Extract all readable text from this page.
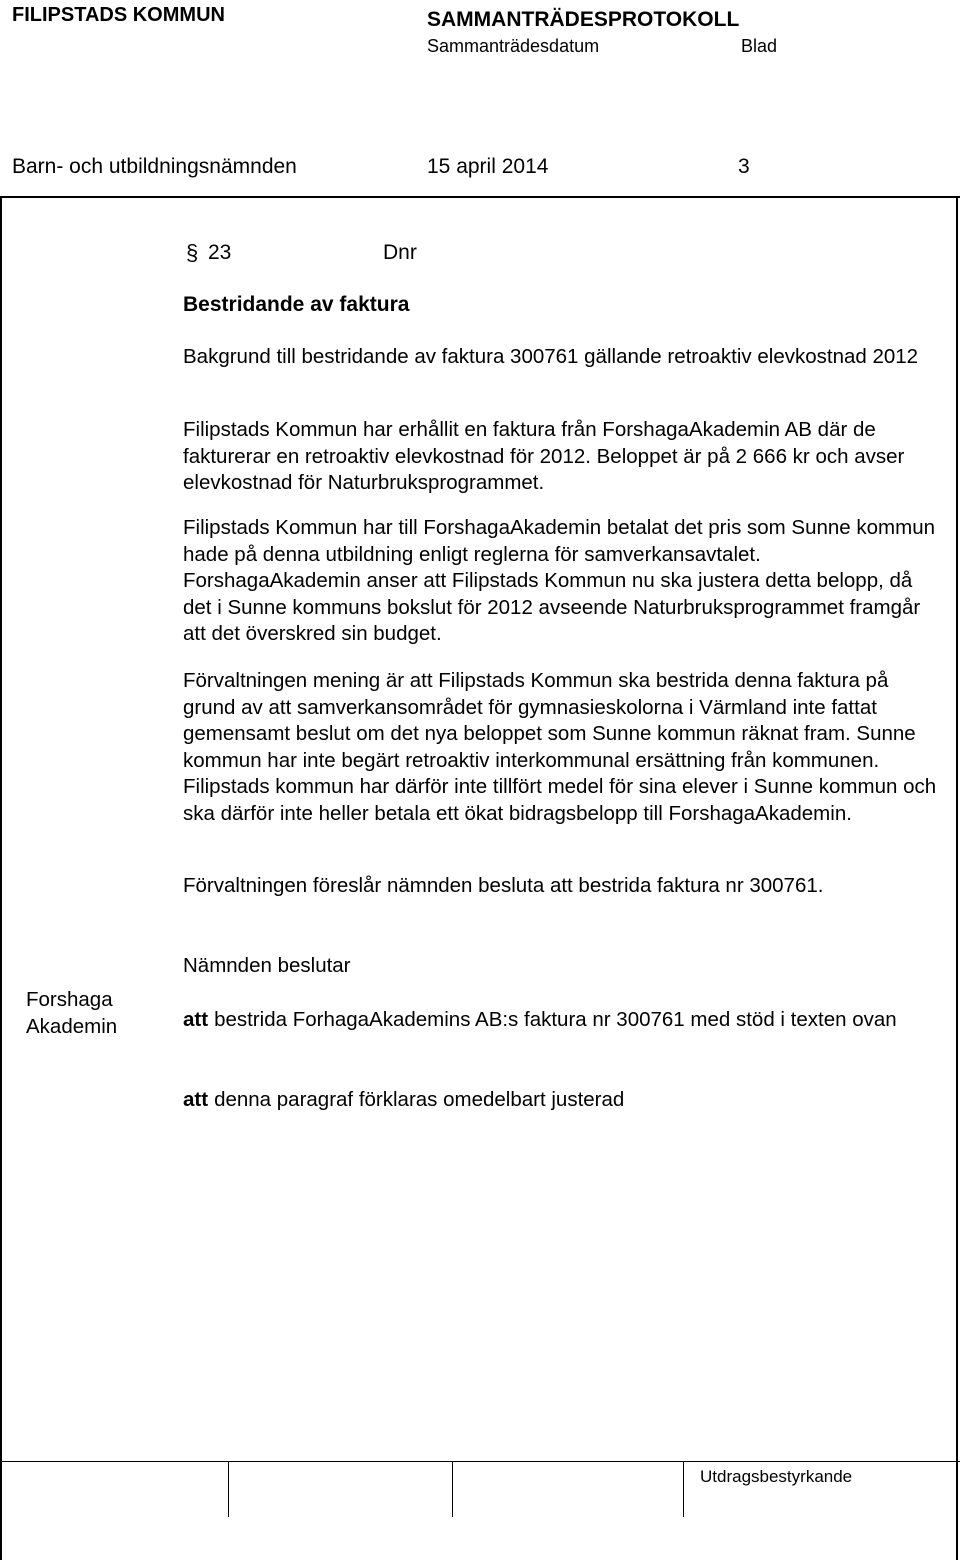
FILIPSTADS KOMMUN	SAMMANTRÄDESPROTOKOLL
Sammanträdesdatum	Blad
Barn- och utbildningsnämnden	15 april 2014	3
§ 23	Dnr
Bestridande av faktura
Bakgrund till bestridande av faktura 300761 gällande retroaktiv elevkostnad 2012
Filipstads Kommun har erhållit en faktura från ForshagaAkademin AB där de fakturerar en retroaktiv elevkostnad för 2012. Beloppet är på 2 666 kr och avser elevkostnad för Naturbruksprogrammet.
Filipstads Kommun har till ForshagaAkademin betalat det pris som Sunne kommun hade på denna utbildning enligt reglerna för samverkansavtalet. ForshagaAkademin anser att Filipstads Kommun nu ska justera detta belopp, då det i Sunne kommuns bokslut för 2012 avseende Naturbruksprogrammet framgår att det överskred sin budget.
Förvaltningen mening är att Filipstads Kommun ska bestrida denna faktura på grund av att samverkansområdet för gymnasieskolorna i Värmland inte fattat gemensamt beslut om det nya beloppet som Sunne kommun räknat fram. Sunne kommun har inte begärt retroaktiv interkommunal ersättning från kommunen. Filipstads kommun har därför inte tillfört medel för sina elever i Sunne kommun och ska därför inte heller betala ett ökat bidragsbelopp till ForshagaAkademin.
Förvaltningen föreslår nämnden besluta att bestrida faktura nr 300761.
Forshaga
Akademin
Nämnden beslutar
att bestrida ForhagaAkademins AB:s faktura nr 300761 med stöd i texten ovan
att denna paragraf förklaras omedelbart justerad
Utdragsbestyrkande
